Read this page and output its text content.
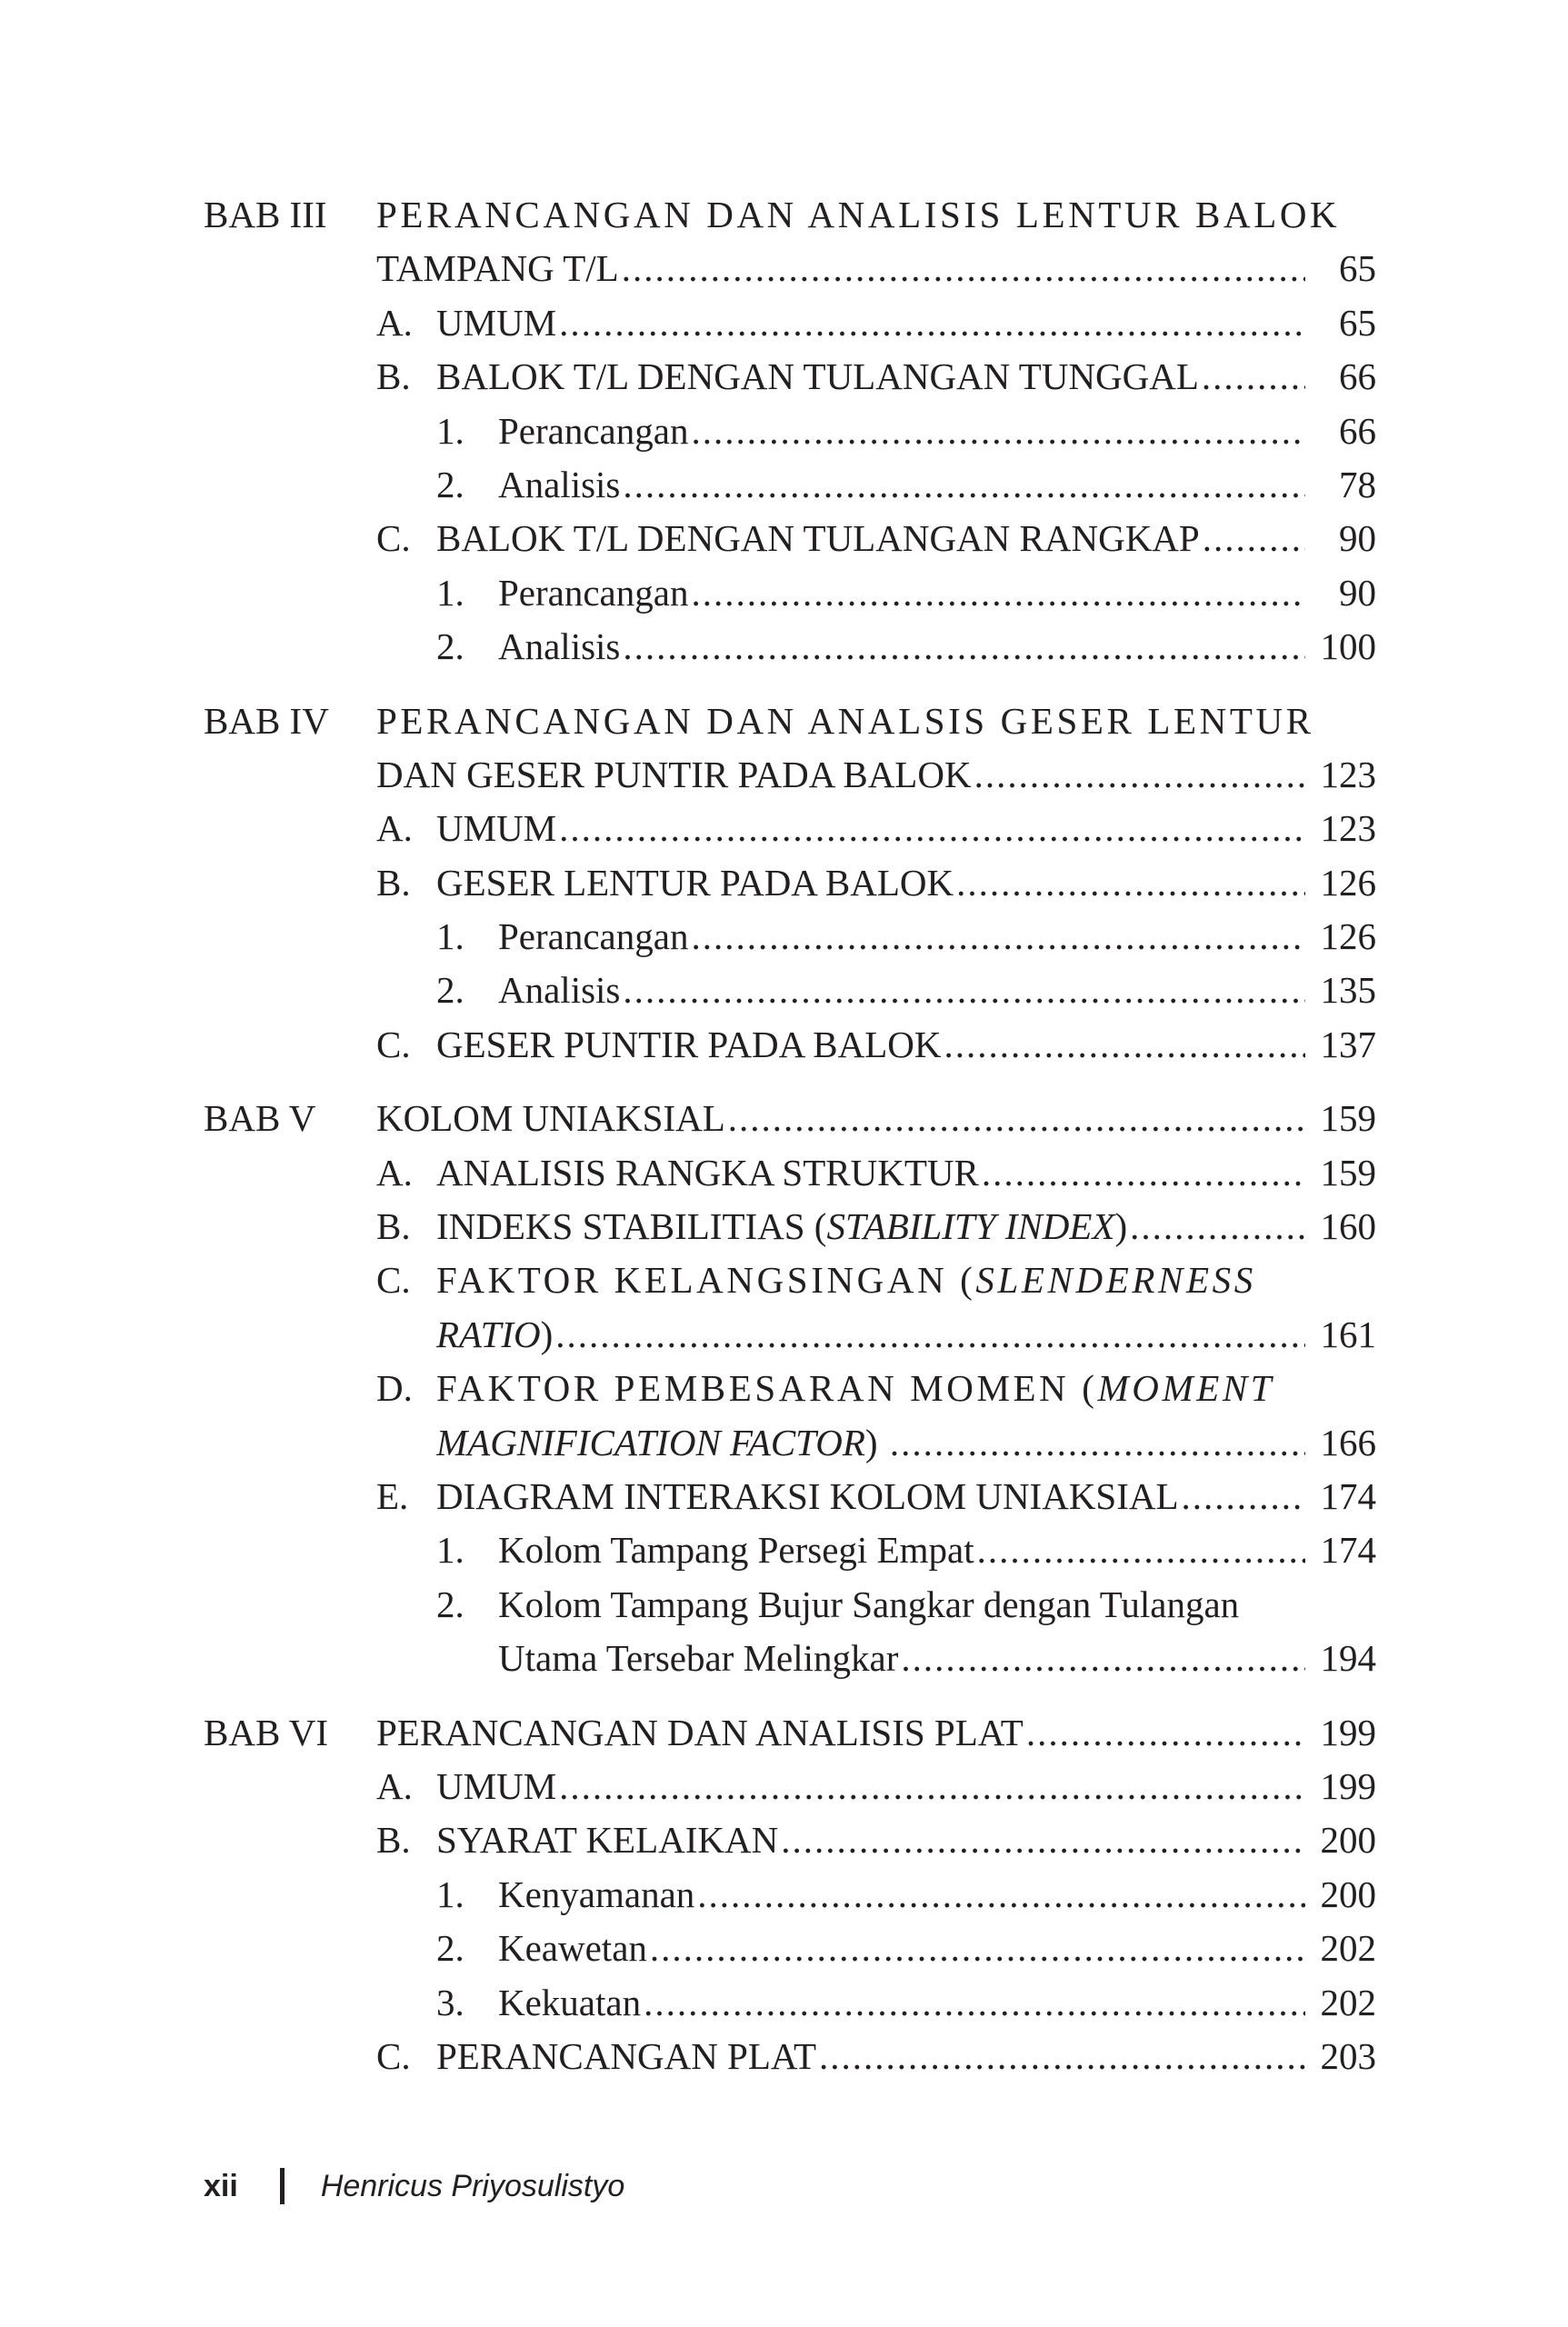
BAB III PERANCANGAN DAN ANALISIS LENTUR BALOK
TAMPANG T/L .....	65
A. UMUM .....	65
B. BALOK T/L DENGAN TULANGAN TUNGGAL .....	66
1. Perancangan .....	66
2. Analisis .....	78
C. BALOK T/L DENGAN TULANGAN RANGKAP .....	90
1. Perancangan .....	90
2. Analisis .....	100
BAB IV PERANCANGAN DAN ANALSIS GESER LENTUR
DAN GESER PUNTIR PADA BALOK .....	123
A. UMUM .....	123
B. GESER LENTUR PADA BALOK .....	126
1. Perancangan .....	126
2. Analisis .....	135
C. GESER PUNTIR PADA BALOK .....	137
BAB V KOLOM UNIAKSIAL .....	159
A. ANALISIS RANGKA STRUKTUR .....	159
B. INDEKS STABILITIAS (STABILITY INDEX) .....	160
C. FAKTOR KELANGSINGAN (SLENDERNESS
RATIO) .....	161
D. FAKTOR PEMBESARAN MOMEN (MOMENT
MAGNIFICATION FACTOR) .....	166
E. DIAGRAM INTERAKSI KOLOM UNIAKSIAL .....	174
1. Kolom Tampang Persegi Empat .....	174
2. Kolom Tampang Bujur Sangkar dengan Tulangan
Utama Tersebar Melingkar .....	194
BAB VI PERANCANGAN DAN ANALISIS PLAT .....	199
A. UMUM .....	199
B. SYARAT KELAIKAN .....	200
1. Kenyamanan .....	200
2. Keawetan .....	202
3. Kekuatan .....	202
C. PERANCANGAN PLAT .....	203
xii	Henricus Priyosulistyo
